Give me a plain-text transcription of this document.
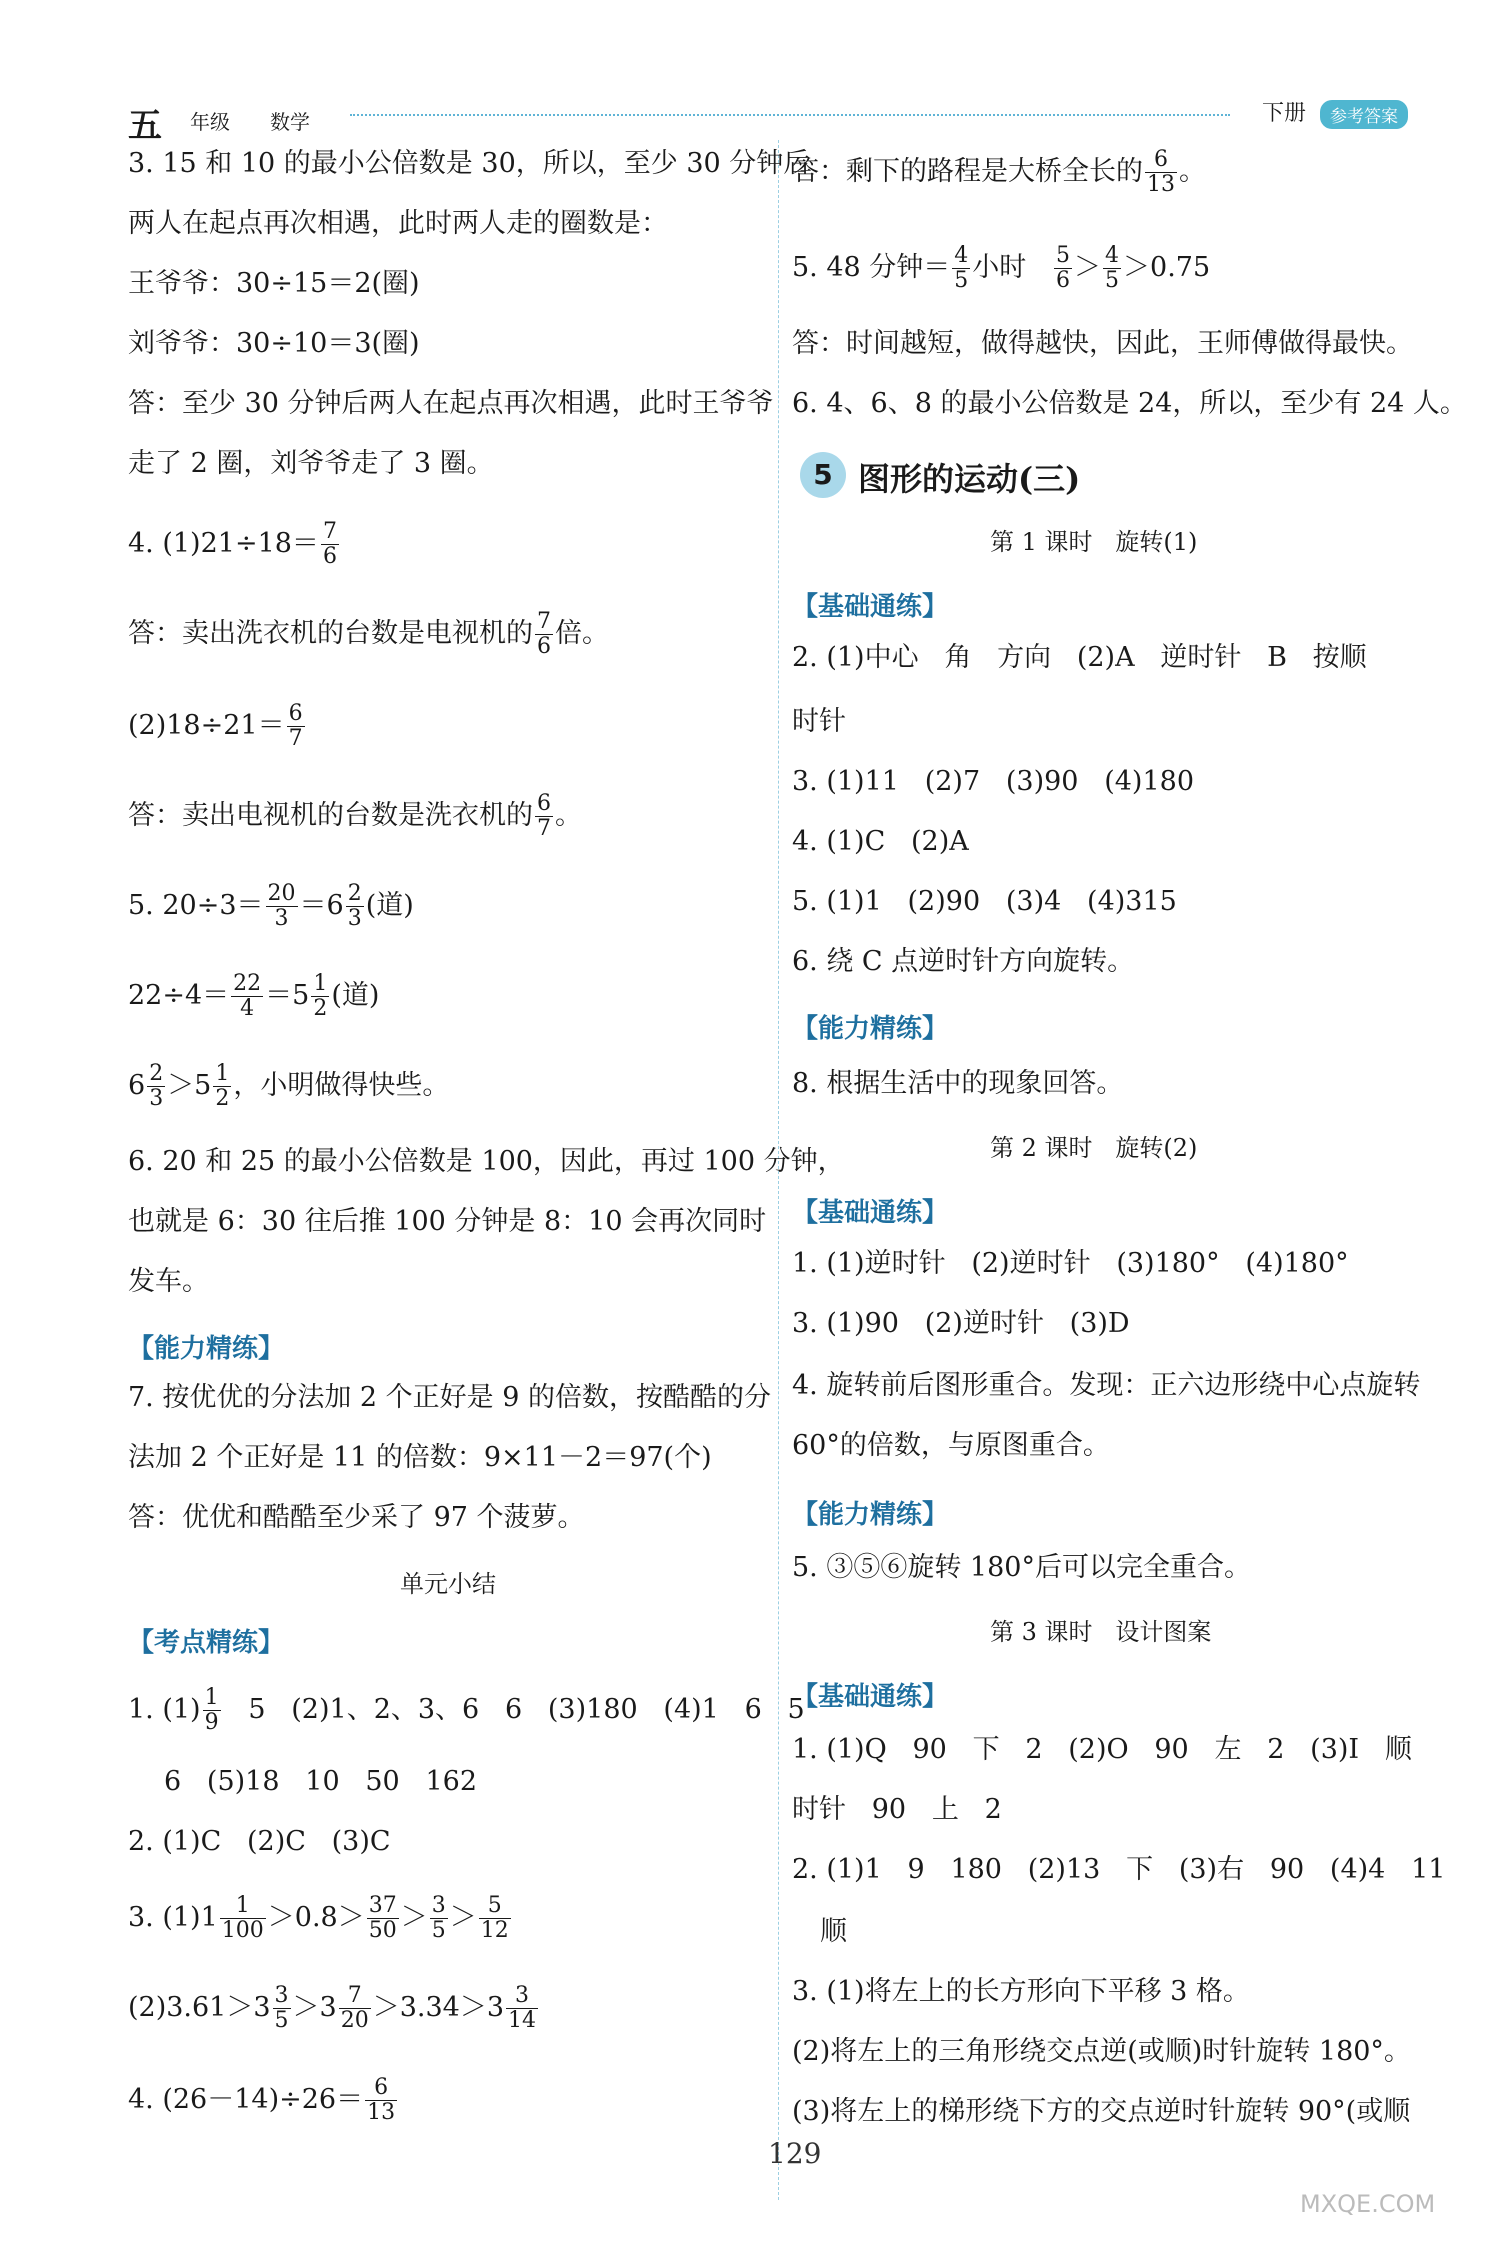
五 年级 数学	下册	参考答案
3. 15 和 10 的最小公倍数是 30，所以，至少 30 分钟后
两人在起点再次相遇，此时两人走的圈数是：
王爷爷：30÷15＝2(圈)
刘爷爷：30÷10＝3(圈)
答：至少 30 分钟后两人在起点再次相遇，此时王爷爷
走了 2 圈，刘爷爷走了 3 圈。
4. $(1)21\div 18= \frac{7}{6}$
答：卖出洗衣机的台数是电视机的 $\frac{7}{6}$ 倍。
$(2)18\div 21= \frac{6}{7}$
答：卖出电视机的台数是洗衣机的 $\frac{6}{7}$ 。
5. $20\div 3= \frac{20}{3} =6 \frac{2}{3}$ (道)
$22\div 4= \frac{22}{4} =5 \frac{1}{2}$ (道)
$6 \frac{2}{3} >5 \frac{1}{2}$ ，小明做得快些。
6. 20 和 25 的最小公倍数是 100，因此，再过 100 分钟，
也就是 6：30 往后推 100 分钟是 8：10 会再次同时
发车。
【能力精练】
7. 按优优的分法加 2 个正好是 9 的倍数，按酷酷的分
法加 2 个正好是 11 的倍数：9×11－2＝97(个)
答：优优和酷酷至少采了 97 个菠萝。
单元小结
【考点精练】
1. $(1) \frac{1}{9} 5$   (2)1、2、3、6   6   (3)180   (4)1   6   5
6   (5)18   10   50   162
2. (1)C   (2)C   (3)C
3. $(1)1 \frac{1}{100} >0.8> \frac{37}{50} > \frac{3}{5} > \frac{5}{12}$
$(2)3.61>3 \frac{3}{5} >3 \frac{7}{20} >3.34>3 \frac{3}{14}$
4. $(26-14)\div 26= \frac{6}{13}$
答：剩下的路程是大桥全长的 $\frac{6}{13}$ 。
5. 48 分钟＝ $\frac{4}{5}$ 小时 $\frac{5}{6} > \frac{4}{5} >0.75$
答：时间越短，做得越快，因此，王师傅做得最快。
6. 4、6、8 的最小公倍数是 24，所以，至少有 24 人。
5 图形的运动(三)
第 1 课时   旋转(1)
【基础通练】
2. (1)中心   角   方向   (2)A   逆时针   B   按顺
时针
3. (1)11   (2)7   (3)90   (4)180
4. (1)C   (2)A
5. (1)1   (2)90   (3)4   (4)315
6. 绕 C 点逆时针方向旋转。
【能力精练】
8. 根据生活中的现象回答。
第 2 课时   旋转(2)
【基础通练】
1. (1)逆时针   (2)逆时针   (3)180°   (4)180°
3. (1)90   (2)逆时针   (3)D
4. 旋转前后图形重合。发现：正六边形绕中心点旋转
60°的倍数，与原图重合。
【能力精练】
5. ③⑤⑥旋转 180°后可以完全重合。
第 3 课时   设计图案
【基础通练】
1. (1)Q   90   下   2   (2)O   90   左   2   (3)I   顺
时针   90   上   2
2. (1)1   9   180   (2)13   下   (3)右   90   (4)4   11
顺
3. (1)将左上的长方形向下平移 3 格。
(2)将左上的三角形绕交点逆(或顺)时针旋转 180°。
(3)将左上的梯形绕下方的交点逆时针旋转 90°(或顺
129
MXQE.COM
